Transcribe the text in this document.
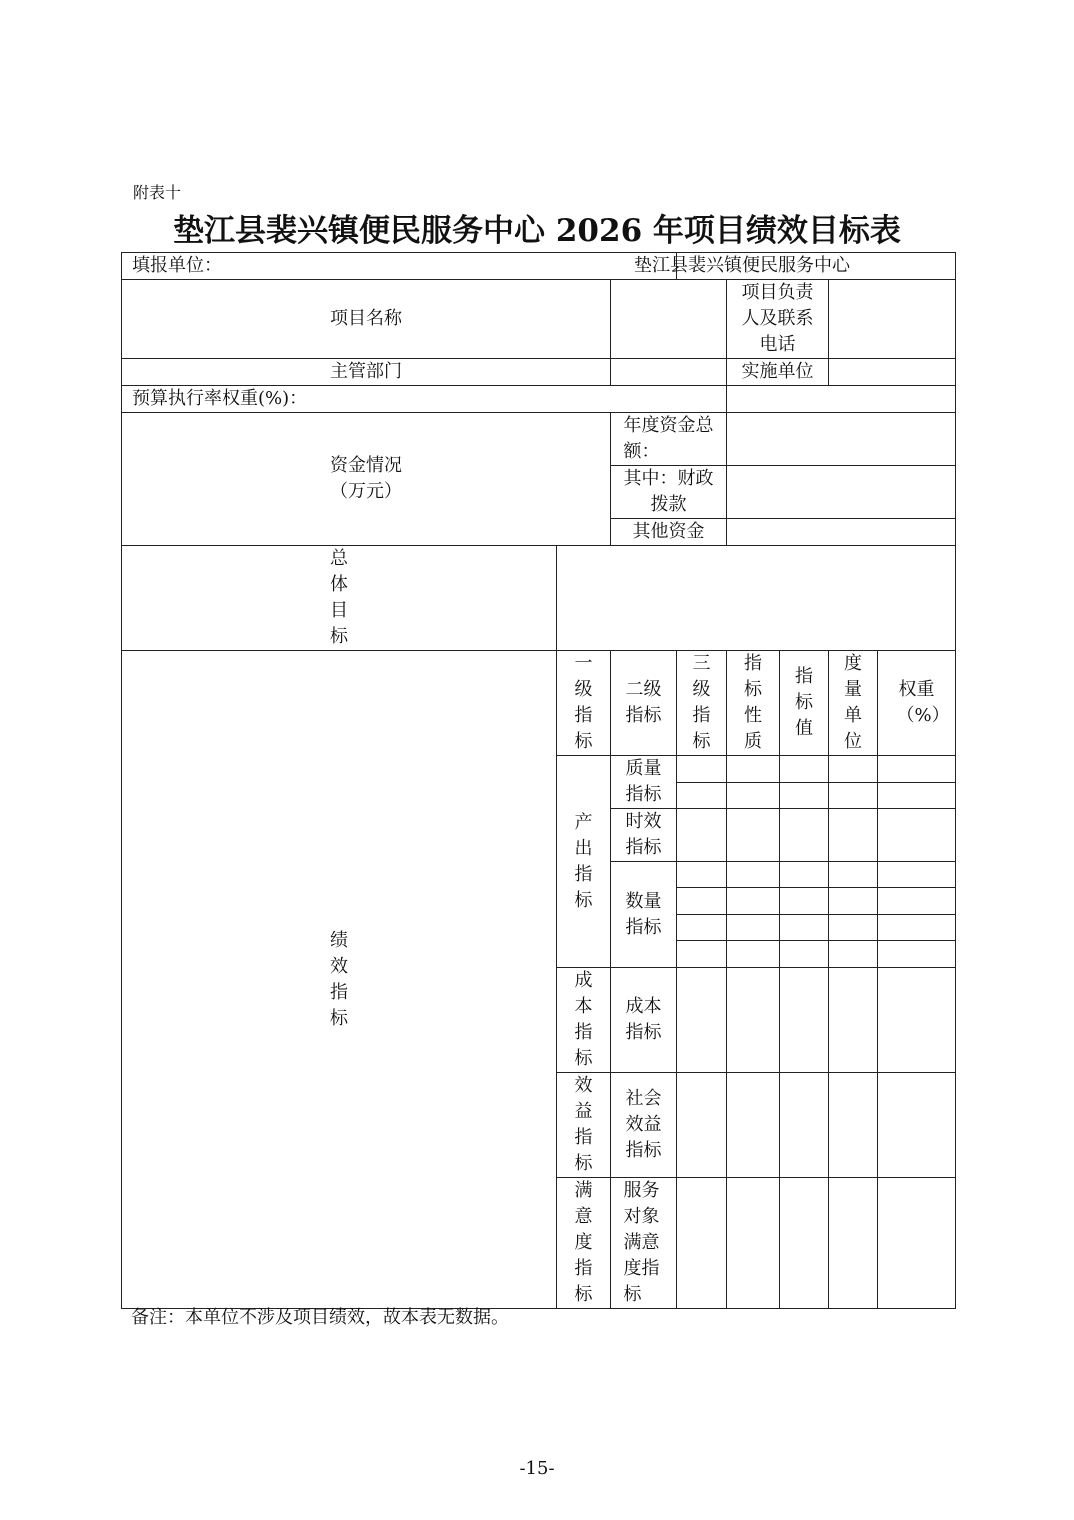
附表十
垫江县裴兴镇便民服务中心 2026 年项目绩效目标表
填报单位：			垫江县裴兴镇便民服务中心				
项目名称				项目负责人及联系电话			

主管部门				实施单位			
预算执行率权重(%)：							

资金情况（万元）		年度资金总额：					

		其中：财政拨款					

		其他资金					
总体目标							
绩效指标	一级指标	二级指标	三级指标	指标性质	指标值	度量单位	权重（%）

	产出指标	质量指标					

		时效指标					

		数量指标					

	成本指标	成本指标					

	效益指标	社会效益指标					

	满意度指标	服务对象满意度指标					

备注：本单位不涉及项目绩效，故本表无数据。
-15-
